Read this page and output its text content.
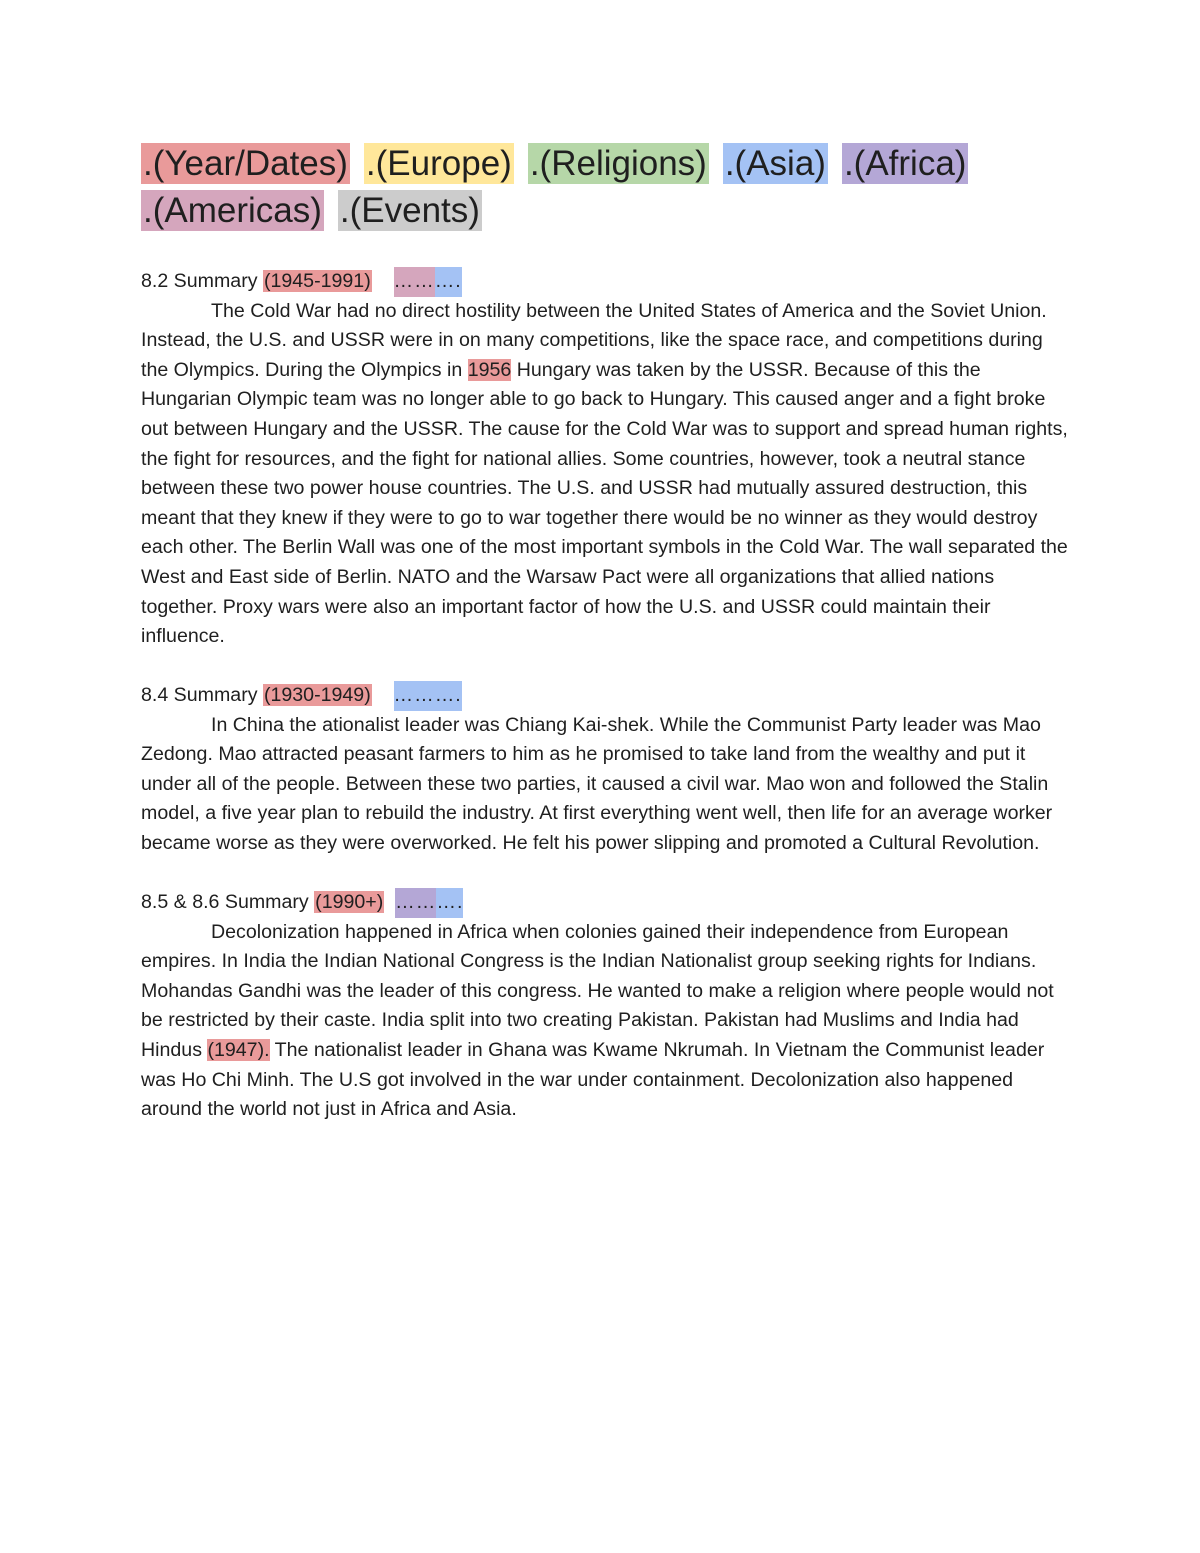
.(Year/Dates) .(Europe) .(Religions) .(Asia) .(Africa)
.(Americas) .(Events)

8.2 Summary (1945-1991) ……….

The Cold War had no direct hostility between the United States of America and the Soviet Union. Instead, the U.S. and USSR were in on many competitions, like the space race, and competitions during the Olympics. During the Olympics in 1956 Hungary was taken by the USSR. Because of this the Hungarian Olympic team was no longer able to go back to Hungary. This caused anger and a fight broke out between Hungary and the USSR. The cause for the Cold War was to support and spread human rights, the fight for resources, and the fight for national allies. Some countries, however, took a neutral stance between these two power house countries. The U.S. and USSR had mutually assured destruction, this meant that they knew if they were to go to war together there would be no winner as they would destroy each other. The Berlin Wall was one of the most important symbols in the Cold War. The wall separated the West and East side of Berlin. NATO and the Warsaw Pact were all organizations that allied nations together. Proxy wars were also an important factor of how the U.S. and USSR could maintain their influence.

8.4 Summary (1930-1949) ……….

In China the ationalist leader was Chiang Kai-shek. While the Communist Party leader was Mao Zedong. Mao attracted peasant farmers to him as he promised to take land from the wealthy and put it under all of the people. Between these two parties, it caused a civil war. Mao won and followed the Stalin model, a five year plan to rebuild the industry. At first everything went well, then life for an average worker became worse as they were overworked. He felt his power slipping and promoted a Cultural Revolution.

8.5 & 8.6 Summary (1990+) ……….

Decolonization happened in Africa when colonies gained their independence from European empires. In India the Indian National Congress is the Indian Nationalist group seeking rights for Indians. Mohandas Gandhi was the leader of this congress. He wanted to make a religion where people would not be restricted by their caste. India split into two creating Pakistan. Pakistan had Muslims and India had Hindus (1947). The nationalist leader in Ghana was Kwame Nkrumah. In Vietnam the Communist leader was Ho Chi Minh. The U.S got involved in the war under containment. Decolonization also happened around the world not just in Africa and Asia.
